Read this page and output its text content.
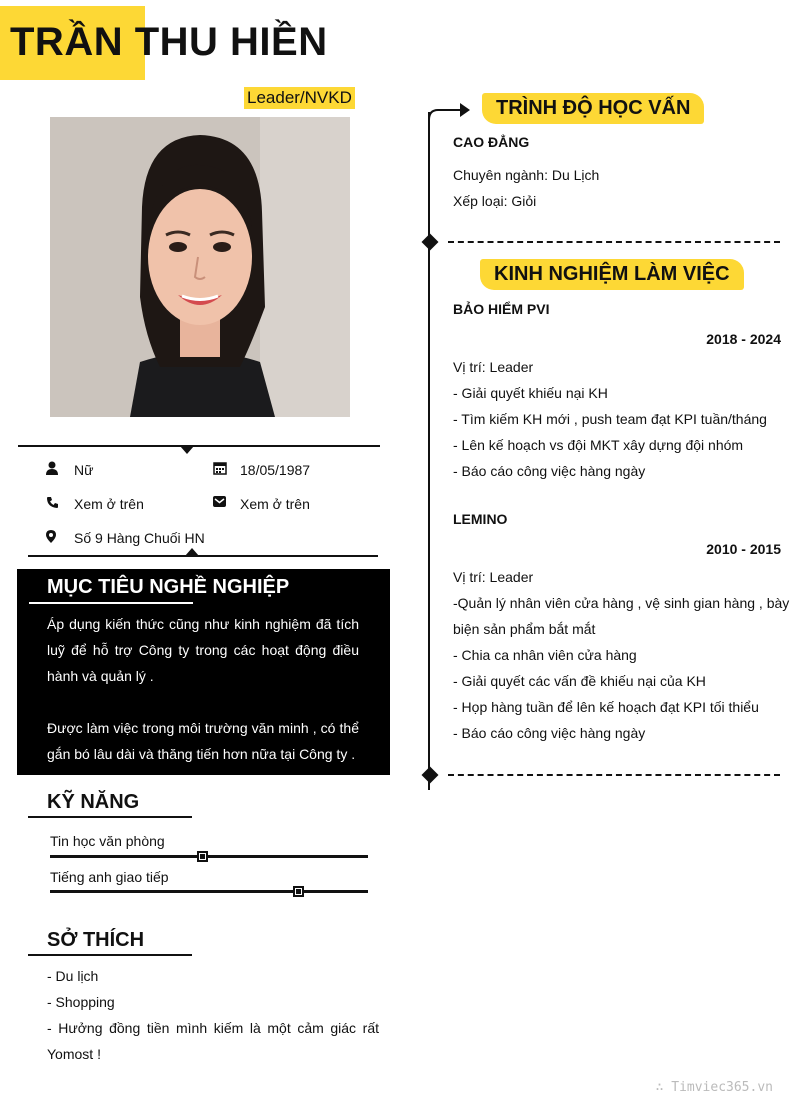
TRẦN THU HIỀN
Leader/NVKD
Nữ	18/05/1987
Xem ở trên	Xem ở trên
Số 9 Hàng Chuối HN
MỤC TIÊU NGHỀ NGHIỆP

Áp dụng kiến thức cũng như kinh nghiệm đã tích luỹ để hỗ trợ Công ty trong các hoạt động điều hành và quản lý .

Được làm việc trong môi trường văn minh , có thể gắn bó lâu dài và thăng tiến hơn nữa tại Công ty .

KỸ NĂNG
Tin học văn phòng
Tiếng anh giao tiếp
SỞ THÍCH
- Du lịch
- Shopping
- Hưởng đồng tiền mình kiếm là một cảm giác rất Yomost !
TRÌNH ĐỘ HỌC VẤN
CAO ĐẲNG
Chuyên ngành: Du Lịch
Xếp loại: Giỏi
KINH NGHIỆM LÀM VIỆC
BẢO HIỂM PVI
2018 - 2024
Vị trí: Leader
- Giải quyết khiếu nại KH
- Tìm kiếm KH mới , push team đạt KPI tuần/tháng
- Lên kế hoạch vs đội MKT xây dựng đội nhóm
- Báo cáo công việc hàng ngày
LEMINO
2010 - 2015
Vị trí: Leader
-Quản lý nhân viên cửa hàng , vệ sinh gian hàng , bày
biện sản phẩm bắt mắt
- Chia ca nhân viên cửa hàng
- Giải quyết các vấn đề khiếu nại của KH
- Họp hàng tuần để lên kế hoạch đạt KPI tối thiểu
- Báo cáo công việc hàng ngày
∴ Timviec365.vn
